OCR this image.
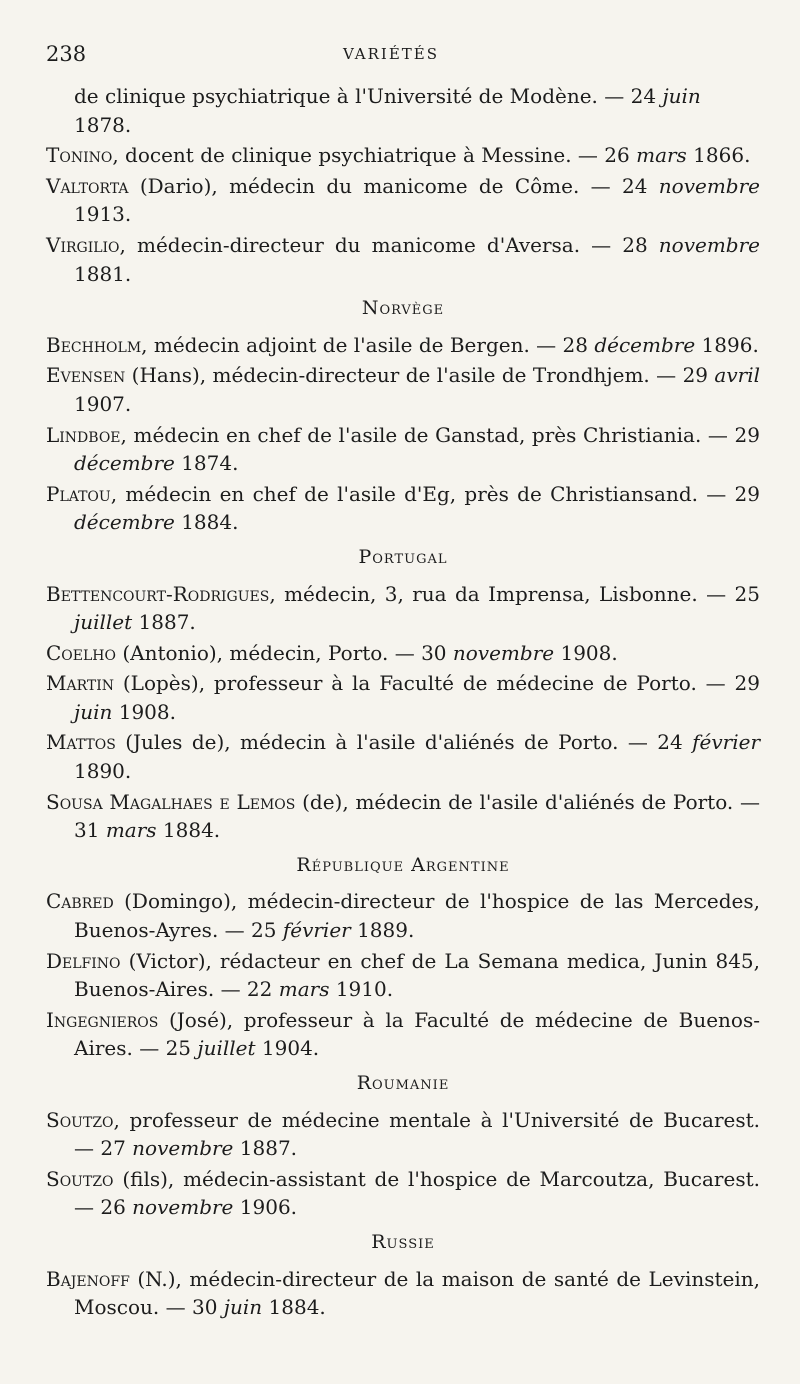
238	VARIÉTÉS

de clinique psychiatrique à l'Université de Modène. — 24 juin 1878.

Tonino, docent de clinique psychiatrique à Messine. — 26 mars 1866.

Valtorta (Dario), médecin du manicome de Côme. — 24 novembre 1913.

Virgilio, médecin-directeur du manicome d'Aversa. — 28 novembre 1881.

Norvège

Bechholm, médecin adjoint de l'asile de Bergen. — 28 décembre 1896.

Evensen (Hans), médecin-directeur de l'asile de Trondhjem. — 29 avril 1907.

Lindboe, médecin en chef de l'asile de Ganstad, près Christiania. — 29 décembre 1874.

Platou, médecin en chef de l'asile d'Eg, près de Christiansand. — 29 décembre 1884.

Portugal

Bettencourt-Rodrigues, médecin, 3, rua da Imprensa, Lisbonne. — 25 juillet 1887.

Coelho (Antonio), médecin, Porto. — 30 novembre 1908.

Martin (Lopès), professeur à la Faculté de médecine de Porto. — 29 juin 1908.

Mattos (Jules de), médecin à l'asile d'aliénés de Porto. — 24 février 1890.

Sousa Magalhaes e Lemos (de), médecin de l'asile d'aliénés de Porto. — 31 mars 1884.

République Argentine

Cabred (Domingo), médecin-directeur de l'hospice de las Mercedes, Buenos-Ayres. — 25 février 1889.

Delfino (Victor), rédacteur en chef de La Semana medica, Junin 845, Buenos-Aires. — 22 mars 1910.

Ingegnieros (José), professeur à la Faculté de médecine de Buenos-Aires. — 25 juillet 1904.

Roumanie

Soutzo, professeur de médecine mentale à l'Université de Bucarest. — 27 novembre 1887.

Soutzo (fils), médecin-assistant de l'hospice de Marcoutza, Bucarest. — 26 novembre 1906.

Russie

Bajenoff (N.), médecin-directeur de la maison de santé de Levinstein, Moscou. — 30 juin 1884.
